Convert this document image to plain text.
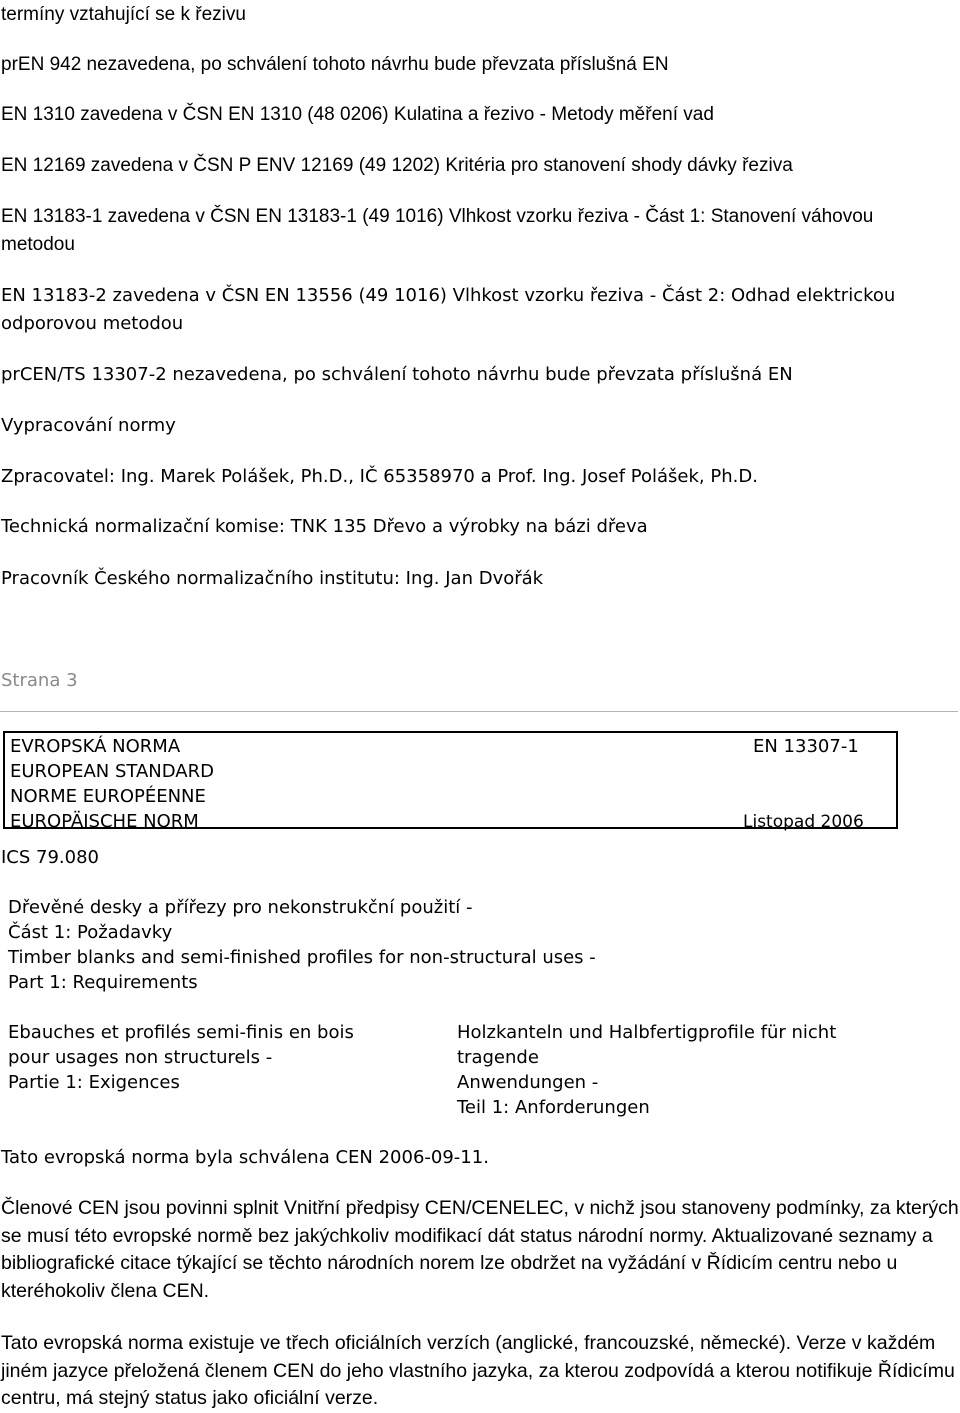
termíny vztahující se k řezivu
prEN 942 nezavedena, po schválení tohoto návrhu bude převzata příslušná EN
EN 1310 zavedena v ČSN EN 1310 (48 0206) Kulatina a řezivo - Metody měření vad
EN 12169 zavedena v ČSN P ENV 12169 (49 1202) Kritéria pro stanovení shody dávky řeziva
EN 13183-1 zavedena v ČSN EN 13183-1 (49 1016) Vlhkost vzorku řeziva - Část 1: Stanovení váhovou
metodou
EN 13183-2 zavedena v ČSN EN 13556 (49 1016) Vlhkost vzorku řeziva - Část 2: Odhad elektrickou
odporovou metodou
prCEN/TS 13307-2 nezavedena, po schválení tohoto návrhu bude převzata příslušná EN
Vypracování normy
Zpracovatel: Ing. Marek Polášek, Ph.D., IČ 65358970 a Prof. Ing. Josef Polášek, Ph.D.
Technická normalizační komise: TNK 135 Dřevo a výrobky na bázi dřeva
Pracovník Českého normalizačního institutu: Ing. Jan Dvořák
Strana 3
EVROPSKÁ NORMA
EUROPEAN STANDARD
NORME EUROPÉENNE
EUROPÄISCHE NORM
EN 13307-1
Listopad 2006
ICS 79.080
Dřevěné desky a přířezy pro nekonstrukční použití -
Část 1: Požadavky
Timber blanks and semi-finished profiles for non-structural uses -
Part 1: Requirements
Ebauches et profilés semi-finis en bois
pour usages non structurels -
Partie 1: Exigences
Holzkanteln und Halbfertigprofile für nicht
tragende
Anwendungen -
Teil 1: Anforderungen
Tato evropská norma byla schválena CEN 2006-09-11.
Členové CEN jsou povinni splnit Vnitřní předpisy CEN/CENELEC, v nichž jsou stanoveny podmínky, za kterých se musí této evropské normě bez jakýchkoliv modifikací dát status národní normy. Aktualizované seznamy a bibliografické citace týkající se těchto národních norem lze obdržet na vyžádání v Řídicím centru nebo u kteréhokoliv člena CEN.
Tato evropská norma existuje ve třech oficiálních verzích (anglické, francouzské, německé). Verze v každém jiném jazyce přeložená členem CEN do jeho vlastního jazyka, za kterou zodpovídá a kterou notifikuje Řídicímu centru, má stejný status jako oficiální verze.
